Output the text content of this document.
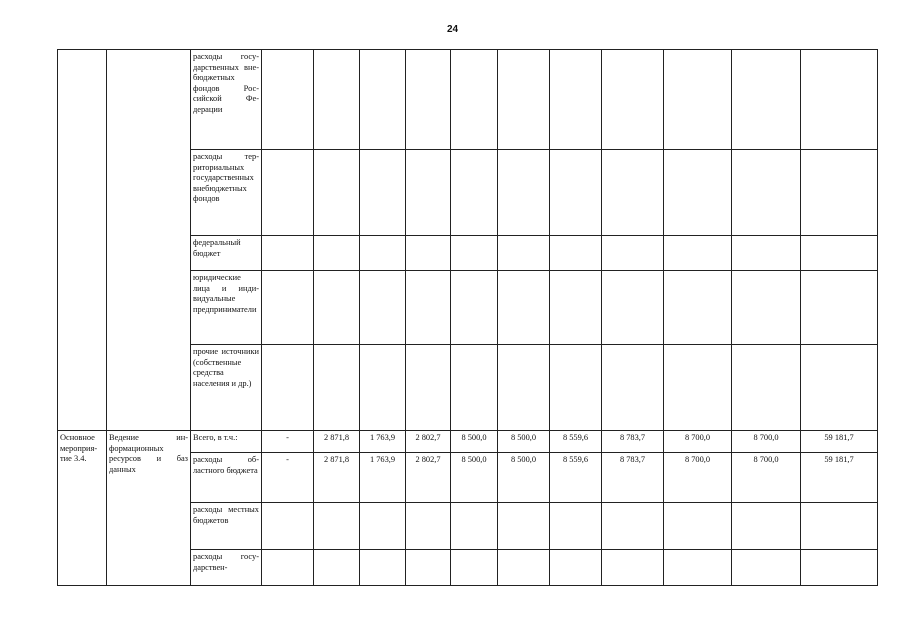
24
		расходы государственных внебюджетных фондов Российской Федерации											
		расходы территориальных государственных внебюджетных фондов											
		федеральный бюджет											
		юридические лица и индивидуальные предприниматели											
		прочие источники (собственные средства населения и др.)											
Основное мероприятие 3.4.	Ведение информационных ресурсов и баз данных	Всего, в т.ч.:	-	2 871,8	1 763,9	2 802,7	8 500,0	8 500,0	8 559,6	8 783,7	8 700,0	8 700,0	59 181,7
		расходы областного бюджета	-	2 871,8	1 763,9	2 802,7	8 500,0	8 500,0	8 559,6	8 783,7	8 700,0	8 700,0	59 181,7
		расходы местных бюджетов											
		расходы государствен-											
